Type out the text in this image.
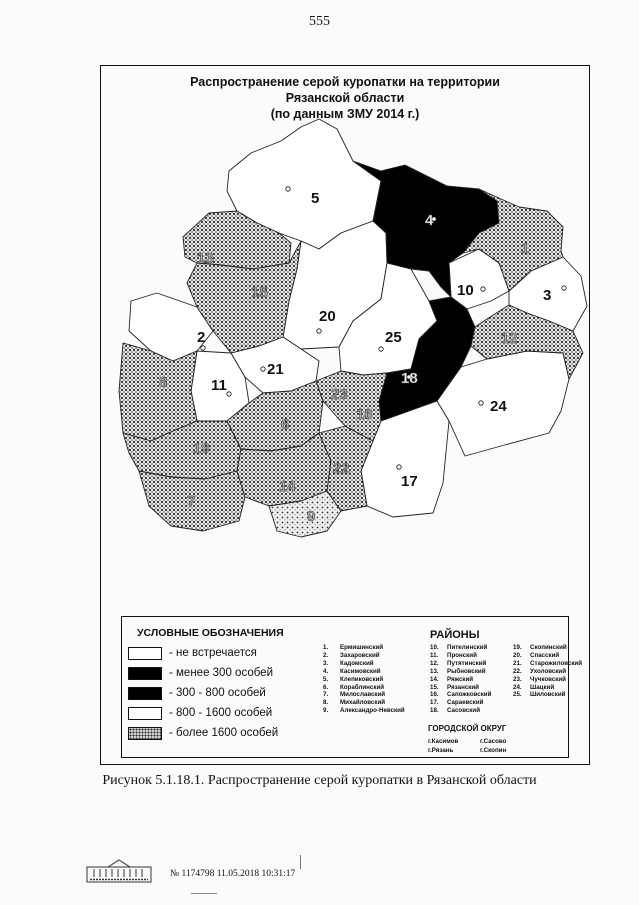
555
5
20
25
10	3
24
17
2
11
21
4
18
1
12
13
15
8
19
7
6
14
9
22
16
23
Распространение серой куропатки на территории
Рязанской области
(по данным ЗМУ 2014 г.)
УСЛОВНЫЕ ОБОЗНАЧЕНИЯ
- не встречается
- менее 300 особей
- 300 - 800 особей
- 800 - 1600 особей
- более 1600 особей
РАЙОНЫ
1.	Ермишинский
2.	Захаровский
3.	Кадомский
4.	Касимовский
5.	Клепиковский
6.	Кораблинский
7.	Милославский
8.	Михайловский
9.	Александро-Невский
10.	Пителинский
11.	Пронский
12.	Путятинский
13.	Рыбновский
14.	Ряжский
15.	Рязанский
16.	Сапожковский
17.	Сараевский
18.	Сасовский
19.	Скопинский
20.	Спасский
21.	Старожиловский
22.	Ухоловский
23.	Чучковский
24.	Шацкий
25.	Шиловский
ГОРОДСКОЙ ОКРУГ
г.Касимов	г.Сасово
г.Рязань	г.Скопин
Рисунок 5.1.18.1. Распространение серой куропатки в Рязанской области
№ 1174798 11.05.2018 10:31:17
